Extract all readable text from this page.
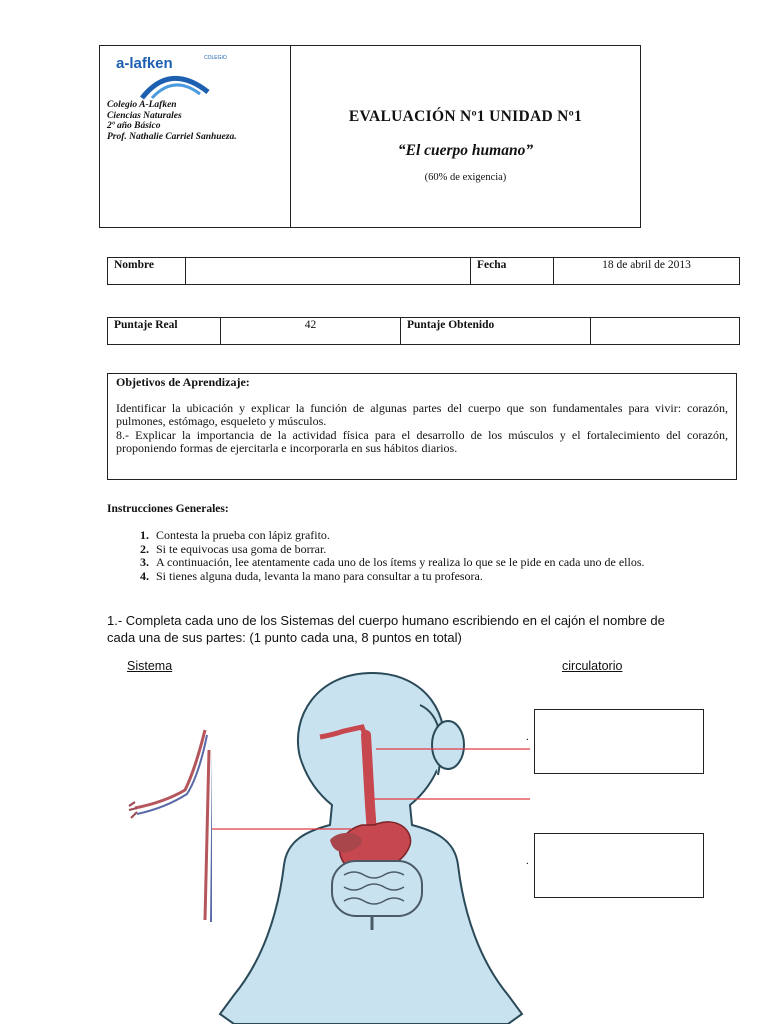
COLEGIO
a-lafken
Colegio A-Lafken
Ciencias Naturales
2º año Básico
Prof. Nathalie Carriel Sanhueza.
EVALUACIÓN Nº1 UNIDAD Nº1
“El cuerpo humano”
(60% de exigencia)
Nombre		Fecha	18 de abril de 2013
Puntaje Real	42	Puntaje Obtenido	

Objetivos de Aprendizaje:

Identificar la ubicación y explicar la función de algunas partes del cuerpo que son fundamentales para vivir: corazón, pulmones, estómago, esqueleto y músculos.

8.- Explicar la importancia de la actividad física para el desarrollo de los músculos y el fortalecimiento del corazón, proponiendo formas de ejercitarla e incorporarla en sus hábitos diarios.

Instrucciones Generales:
1. Contesta la prueba con lápiz grafito.
2. Si te equivocas usa goma de borrar.
3. A continuación, lee atentamente cada uno de los ítems y realiza lo que se le pide en cada uno de ellos.
4. Si tienes alguna duda, levanta la mano para consultar a tu profesora.
1.- Completa cada uno de los Sistemas del cuerpo humano escribiendo en el cajón el nombre de cada una de sus partes: (1 punto cada una, 8 puntos en total)
Sistema	circulatorio
.
.
